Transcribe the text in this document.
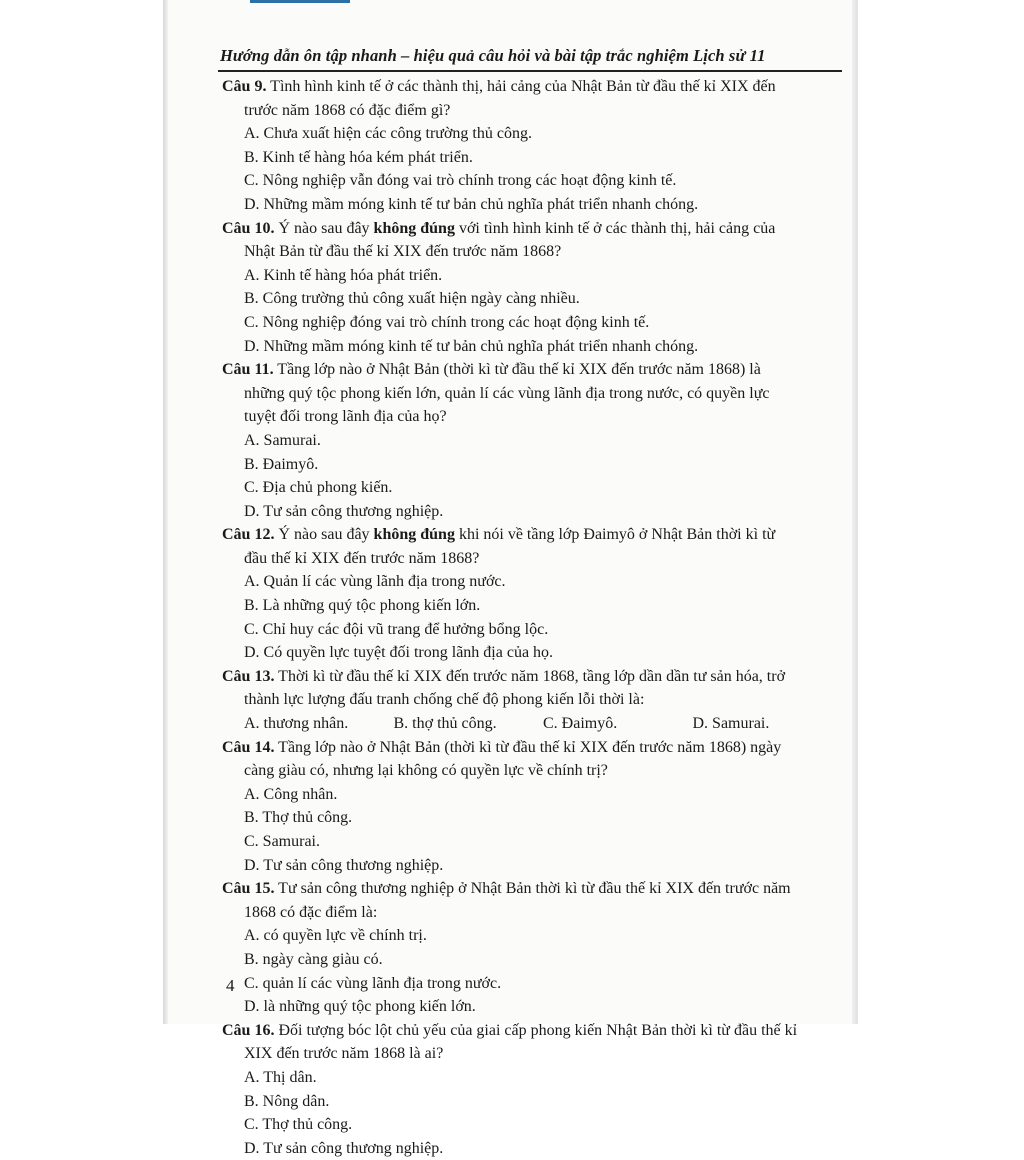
Hướng dẫn ôn tập nhanh – hiệu quả câu hỏi và bài tập trắc nghiệm Lịch sử 11
Câu 9. Tình hình kinh tế ở các thành thị, hải cảng của Nhật Bản từ đầu thế kỉ XIX đến
trước năm 1868 có đặc điểm gì?
A. Chưa xuất hiện các công trường thủ công.
B. Kinh tế hàng hóa kém phát triển.
C. Nông nghiệp vẫn đóng vai trò chính trong các hoạt động kinh tế.
D. Những mầm móng kinh tế tư bản chủ nghĩa phát triển nhanh chóng.
Câu 10. Ý nào sau đây không đúng với tình hình kinh tế ở các thành thị, hải cảng của
Nhật Bản từ đầu thế kỉ XIX đến trước năm 1868?
A. Kinh tế hàng hóa phát triển.
B. Công trường thủ công xuất hiện ngày càng nhiều.
C. Nông nghiệp đóng vai trò chính trong các hoạt động kinh tế.
D. Những mầm móng kinh tế tư bản chủ nghĩa phát triển nhanh chóng.
Câu 11. Tầng lớp nào ở Nhật Bản (thời kì từ đầu thế kỉ XIX đến trước năm 1868) là
những quý tộc phong kiến lớn, quản lí các vùng lãnh địa trong nước, có quyền lực
tuyệt đối trong lãnh địa của họ?
A. Samurai.
B. Đaimyô.
C. Địa chủ phong kiến.
D. Tư sản công thương nghiệp.
Câu 12. Ý nào sau đây không đúng khi nói về tầng lớp Đaimyô ở Nhật Bản thời kì từ
đầu thế kỉ XIX đến trước năm 1868?
A. Quản lí các vùng lãnh địa trong nước.
B. Là những quý tộc phong kiến lớn.
C. Chỉ huy các đội vũ trang để hưởng bổng lộc.
D. Có quyền lực tuyệt đối trong lãnh địa của họ.
Câu 13. Thời kì từ đầu thế kỉ XIX đến trước năm 1868, tầng lớp dần dần tư sản hóa, trở
thành lực lượng đấu tranh chống chế độ phong kiến lỗi thời là:
A. thương nhân.	B. thợ thủ công.	C. Đaimyô.	D. Samurai.
Câu 14. Tầng lớp nào ở Nhật Bản (thời kì từ đầu thế kỉ XIX đến trước năm 1868) ngày
càng giàu có, nhưng lại không có quyền lực về chính trị?
A. Công nhân.
B. Thợ thủ công.
C. Samurai.
D. Tư sản công thương nghiệp.
Câu 15. Tư sản công thương nghiệp ở Nhật Bản thời kì từ đầu thế kỉ XIX đến trước năm
1868 có đặc điểm là:
A. có quyền lực về chính trị.
B. ngày càng giàu có.
C. quản lí các vùng lãnh địa trong nước.
D. là những quý tộc phong kiến lớn.
Câu 16. Đối tượng bóc lột chủ yếu của giai cấp phong kiến Nhật Bản thời kì từ đầu thế kỉ
XIX đến trước năm 1868 là ai?
A. Thị dân.
B. Nông dân.
C. Thợ thủ công.
D. Tư sản công thương nghiệp.
4
